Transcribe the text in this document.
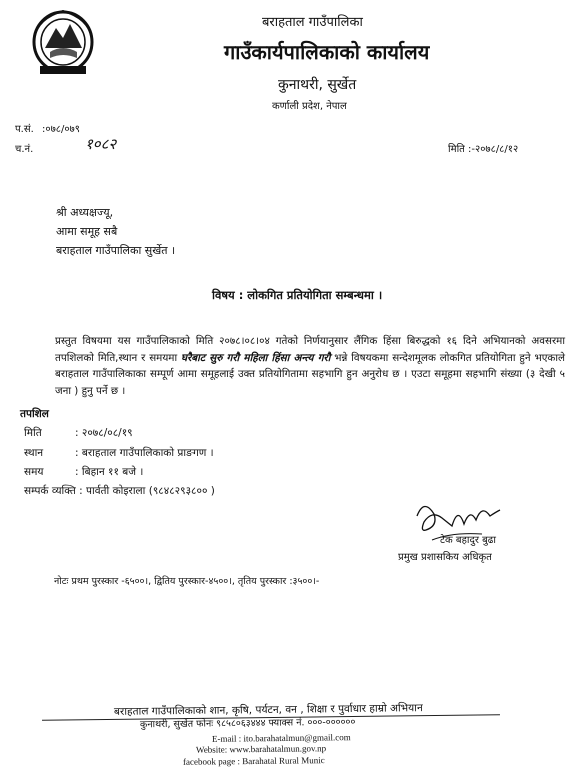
बराहताल गाउँपालिका
गाउँकार्यपालिकाको कार्यालय
कुनाथरी, सुर्खेत
कर्णाली प्रदेश, नेपाल
प.सं. :०७८/०७९
च.नं.	१०८२	मिति :-२०७८/८/१२
श्री अध्यक्षज्यू,
आमा समूह सबै
बराहताल गाउँपालिका सुर्खेत ।
विषय : लोकगित प्रतियोगिता सम्बन्धमा ।
प्रस्तुत विषयमा यस गाउँपालिकाको मिति २०७८।०८।०४ गतेको निर्णयानुसार लैंगिक हिंसा बिरुद्धको १६ दिने अभियानको अवसरमा तपशिलको मिति,स्थान र समयमा घरैबाट सुरु गरौ महिला हिंसा अन्त्य गरौ भन्ने विषयकमा सन्देशमूलक लोकगित प्रतियोगिता हुने भएकाले बराहताल गाउँपालिकाका सम्पूर्ण आमा समूहलाई उक्त प्रतियोगितामा सहभागि हुन अनुरोध छ । एउटा समूहमा सहभागि संख्या (३ देखी ५ जना ) हुनु पर्ने छ ।
तपशिल
मिति	: २०७८/०८/१९
स्थान	: बराहताल गाउँपालिकाको प्राङगण ।
समय	: बिहान ११ बजे ।
सम्पर्क व्यक्ति : पार्वती कोइराला (९८४८२९३८०० )
टेक बहादुर बुढा
प्रमुख प्रशासकिय अधिकृत
नोटः प्रथम पुरस्कार -६५००।, द्वितिय पुरस्कार-४५००।, तृतिय पुरस्कार :३५००।-
बराहताल गाउँपालिकाको शान, कृषि, पर्यटन, वन , शिक्षा र पुर्वाधार हाम्रो अभियान
कुनाथरी, सुर्खेत फोनः ९८५८०६३४४४ फ्याक्स नं. ०००-००००००
E-mail : ito.barahatalmun@gmail.com
Website: www.barahatalmun.gov.np
facebook page : Barahatal Rural Munic
